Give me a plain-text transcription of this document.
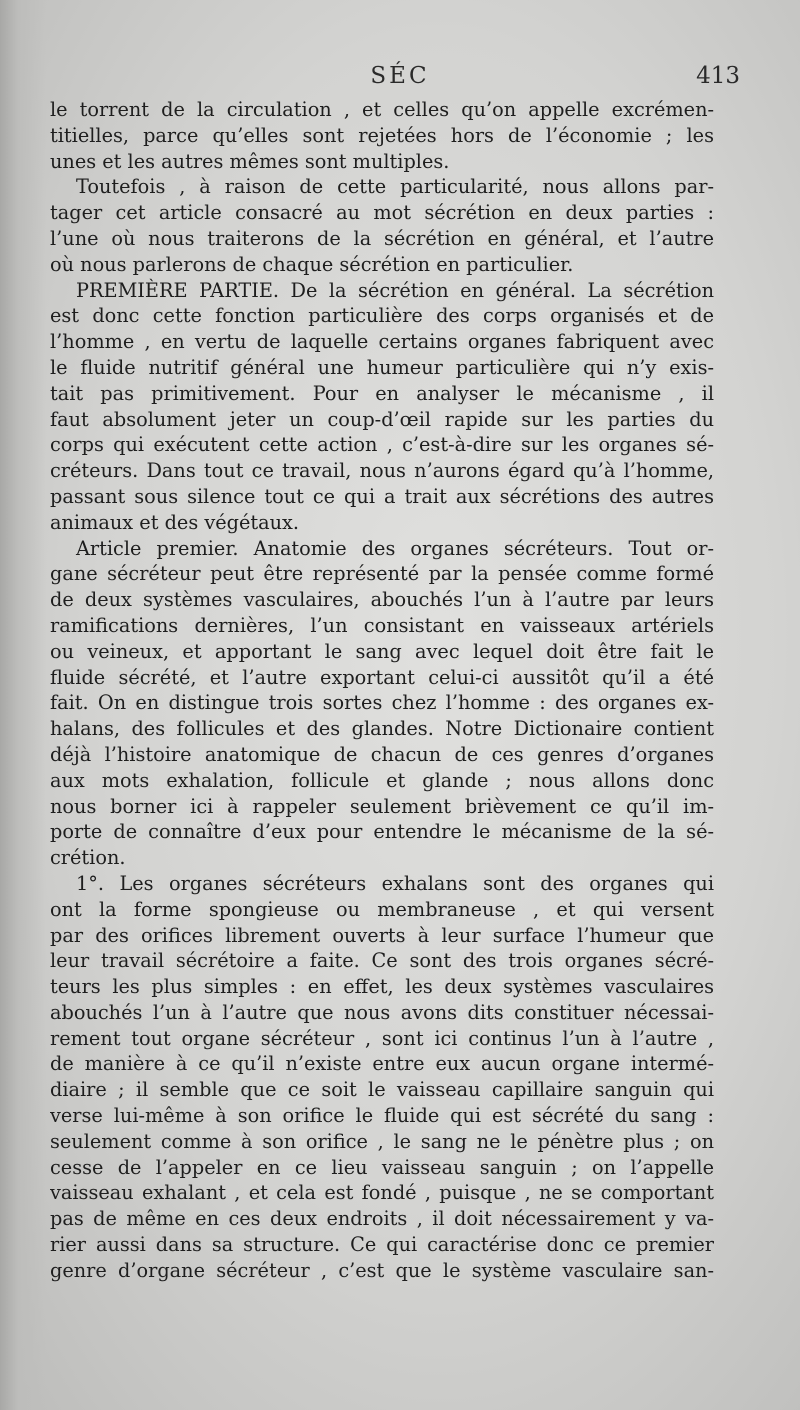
SÉC	413
le torrent de la circulation , et celles qu’on appelle excrémen-
titielles, parce qu’elles sont rejetées hors de l’économie ; les
unes et les autres mêmes sont multiples.
Toutefois , à raison de cette particularité, nous allons par-
tager cet article consacré au mot sécrétion en deux parties :
l’une où nous traiterons de la sécrétion en général, et l’autre
où nous parlerons de chaque sécrétion en particulier.
PREMIÈRE PARTIE. De la sécrétion en général. La sécrétion
est donc cette fonction particulière des corps organisés et de
l’homme , en vertu de laquelle certains organes fabriquent avec
le fluide nutritif général une humeur particulière qui n’y exis-
tait pas primitivement. Pour en analyser le mécanisme , il
faut absolument jeter un coup-d’œil rapide sur les parties du
corps qui exécutent cette action , c’est-à-dire sur les organes sé-
créteurs. Dans tout ce travail, nous n’aurons égard qu’à l’homme,
passant sous silence tout ce qui a trait aux sécrétions des autres
animaux et des végétaux.
Article premier. Anatomie des organes sécréteurs. Tout or-
gane sécréteur peut être représenté par la pensée comme formé
de deux systèmes vasculaires, abouchés l’un à l’autre par leurs
ramifications dernières, l’un consistant en vaisseaux artériels
ou veineux, et apportant le sang avec lequel doit être fait le
fluide sécrété, et l’autre exportant celui-ci aussitôt qu’il a été
fait. On en distingue trois sortes chez l’homme : des organes ex-
halans, des follicules et des glandes. Notre Dictionaire contient
déjà l’histoire anatomique de chacun de ces genres d’organes
aux mots exhalation, follicule et glande ; nous allons donc
nous borner ici à rappeler seulement brièvement ce qu’il im-
porte de connaître d’eux pour entendre le mécanisme de la sé-
crétion.
1°. Les organes sécréteurs exhalans sont des organes qui
ont la forme spongieuse ou membraneuse , et qui versent
par des orifices librement ouverts à leur surface l’humeur que
leur travail sécrétoire a faite. Ce sont des trois organes sécré-
teurs les plus simples : en effet, les deux systèmes vasculaires
abouchés l’un à l’autre que nous avons dits constituer nécessai-
rement tout organe sécréteur , sont ici continus l’un à l’autre ,
de manière à ce qu’il n’existe entre eux aucun organe intermé-
diaire ; il semble que ce soit le vaisseau capillaire sanguin qui
verse lui-même à son orifice le fluide qui est sécrété du sang :
seulement comme à son orifice , le sang ne le pénètre plus ; on
cesse de l’appeler en ce lieu vaisseau sanguin ; on l’appelle
vaisseau exhalant , et cela est fondé , puisque , ne se comportant
pas de même en ces deux endroits , il doit nécessairement y va-
rier aussi dans sa structure. Ce qui caractérise donc ce premier
genre d’organe sécréteur , c’est que le système vasculaire san-
